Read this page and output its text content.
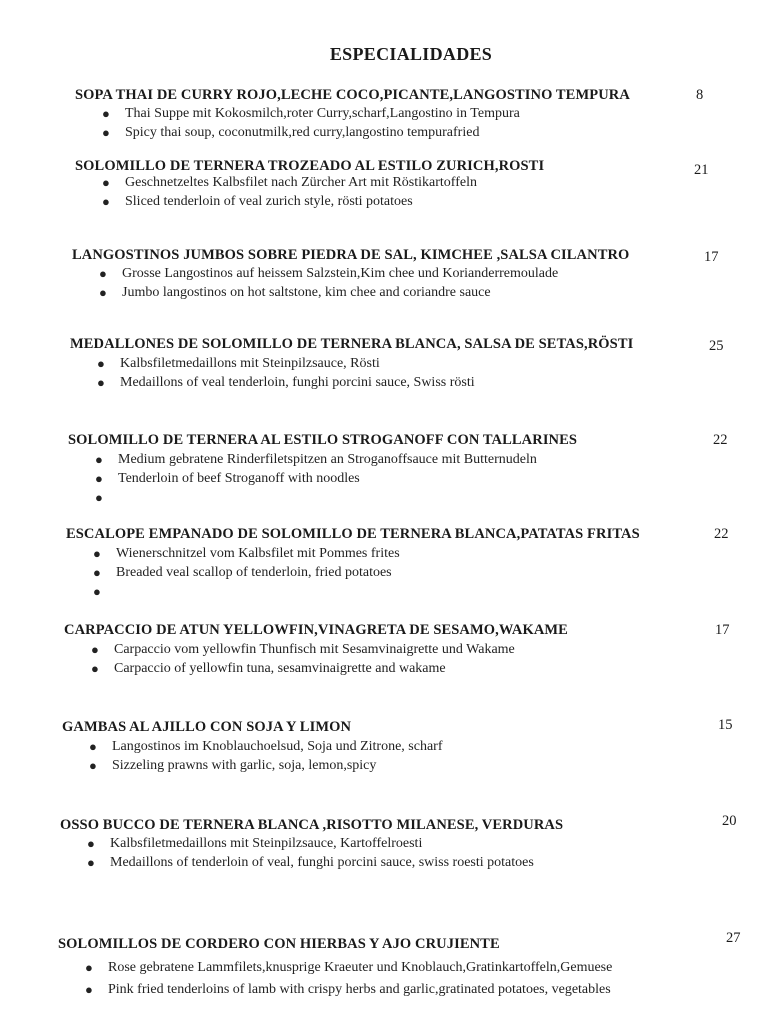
ESPECIALIDADES
SOPA THAI DE CURRY ROJO,LECHE COCO,PICANTE,LANGOSTINO TEMPURA	8
● Thai Suppe mit Kokosmilch,roter Curry,scharf,Langostino in Tempura
● Spicy thai soup, coconutmilk,red curry,langostino tempurafried
SOLOMILLO DE TERNERA TROZEADO AL ESTILO ZURICH,ROSTI	21
● Geschnetzeltes Kalbsfilet nach Zürcher Art mit Röstikartoffeln
● Sliced tenderloin of veal zurich style, rösti potatoes
LANGOSTINOS JUMBOS SOBRE PIEDRA DE SAL, KIMCHEE ,SALSA CILANTRO	17
● Grosse Langostinos auf heissem Salzstein,Kim chee und Korianderremoulade
● Jumbo langostinos on hot saltstone, kim chee and coriandre sauce
MEDALLONES DE SOLOMILLO DE TERNERA BLANCA, SALSA DE SETAS,RÖSTI	25
● Kalbsfiletmedaillons mit Steinpilzsauce, Rösti
● Medaillons of veal tenderloin, funghi porcini sauce, Swiss rösti
SOLOMILLO DE TERNERA AL ESTILO STROGANOFF CON TALLARINES	22
● Medium gebratene Rinderfiletspitzen an Stroganoffsauce mit Butternudeln
● Tenderloin of beef Stroganoff with noodles
●
ESCALOPE EMPANADO DE SOLOMILLO DE TERNERA BLANCA,PATATAS FRITAS	22
● Wienerschnitzel vom Kalbsfilet mit Pommes frites
● Breaded veal scallop of tenderloin, fried potatoes
●
CARPACCIO DE ATUN YELLOWFIN,VINAGRETA DE SESAMO,WAKAME	17
● Carpaccio vom yellowfin Thunfisch mit Sesamvinaigrette und Wakame
● Carpaccio of yellowfin tuna, sesamvinaigrette and wakame
GAMBAS AL AJILLO CON SOJA Y LIMON	15
● Langostinos im Knoblauchoelsud, Soja und Zitrone, scharf
● Sizzeling prawns with garlic, soja, lemon,spicy
OSSO BUCCO DE TERNERA BLANCA ,RISOTTO MILANESE, VERDURAS	20
● Kalbsfiletmedaillons mit Steinpilzsauce, Kartoffelroesti
● Medaillons of tenderloin of veal, funghi porcini sauce, swiss roesti potatoes
SOLOMILLOS DE CORDERO CON HIERBAS Y AJO CRUJIENTE	27
● Rose gebratene Lammfilets,knusprige Kraeuter und Knoblauch,Gratinkartoffeln,Gemuese
● Pink fried tenderloins of lamb with crispy herbs and garlic,gratinated potatoes, vegetables
